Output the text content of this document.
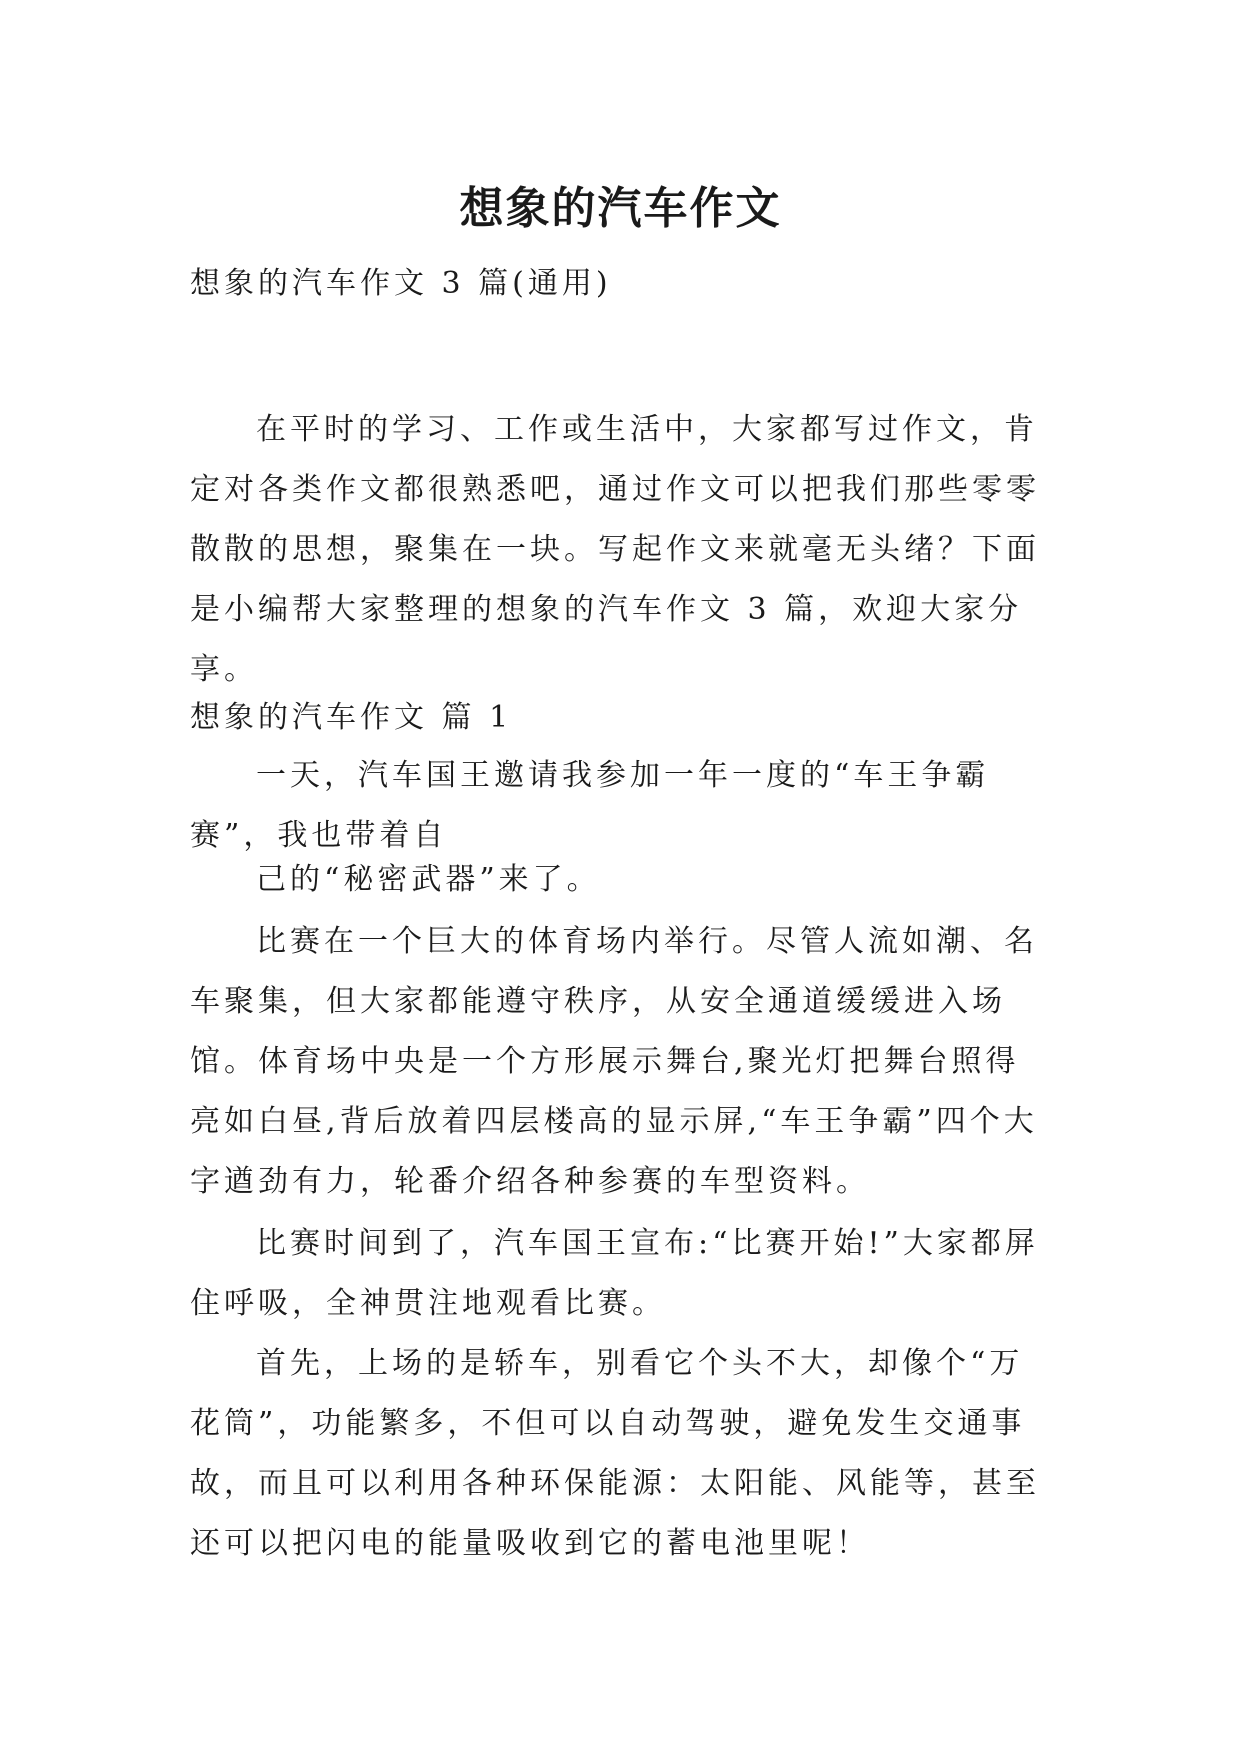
想象的汽车作文

想象的汽车作文 3 篇(通用)

在平时的学习、工作或生活中，大家都写过作文，肯定对各类作文都很熟悉吧，通过作文可以把我们那些零零散散的思想，聚集在一块。写起作文来就毫无头绪？下面是小编帮大家整理的想象的汽车作文 3 篇，欢迎大家分享。

想象的汽车作文 篇 1

一天，汽车国王邀请我参加一年一度的“车王争霸赛”，我也带着自

己的“秘密武器”来了。

比赛在一个巨大的体育场内举行。尽管人流如潮、名车聚集，但大家都能遵守秩序，从安全通道缓缓进入场馆。体育场中央是一个方形展示舞台,聚光灯把舞台照得亮如白昼,背后放着四层楼高的显示屏,“车王争霸”四个大字遒劲有力，轮番介绍各种参赛的车型资料。

比赛时间到了，汽车国王宣布:“比赛开始!”大家都屏住呼吸，全神贯注地观看比赛。

首先，上场的是轿车，别看它个头不大，却像个“万花筒”，功能繁多，不但可以自动驾驶，避免发生交通事故，而且可以利用各种环保能源：太阳能、风能等，甚至还可以把闪电的能量吸收到它的蓄电池里呢！
